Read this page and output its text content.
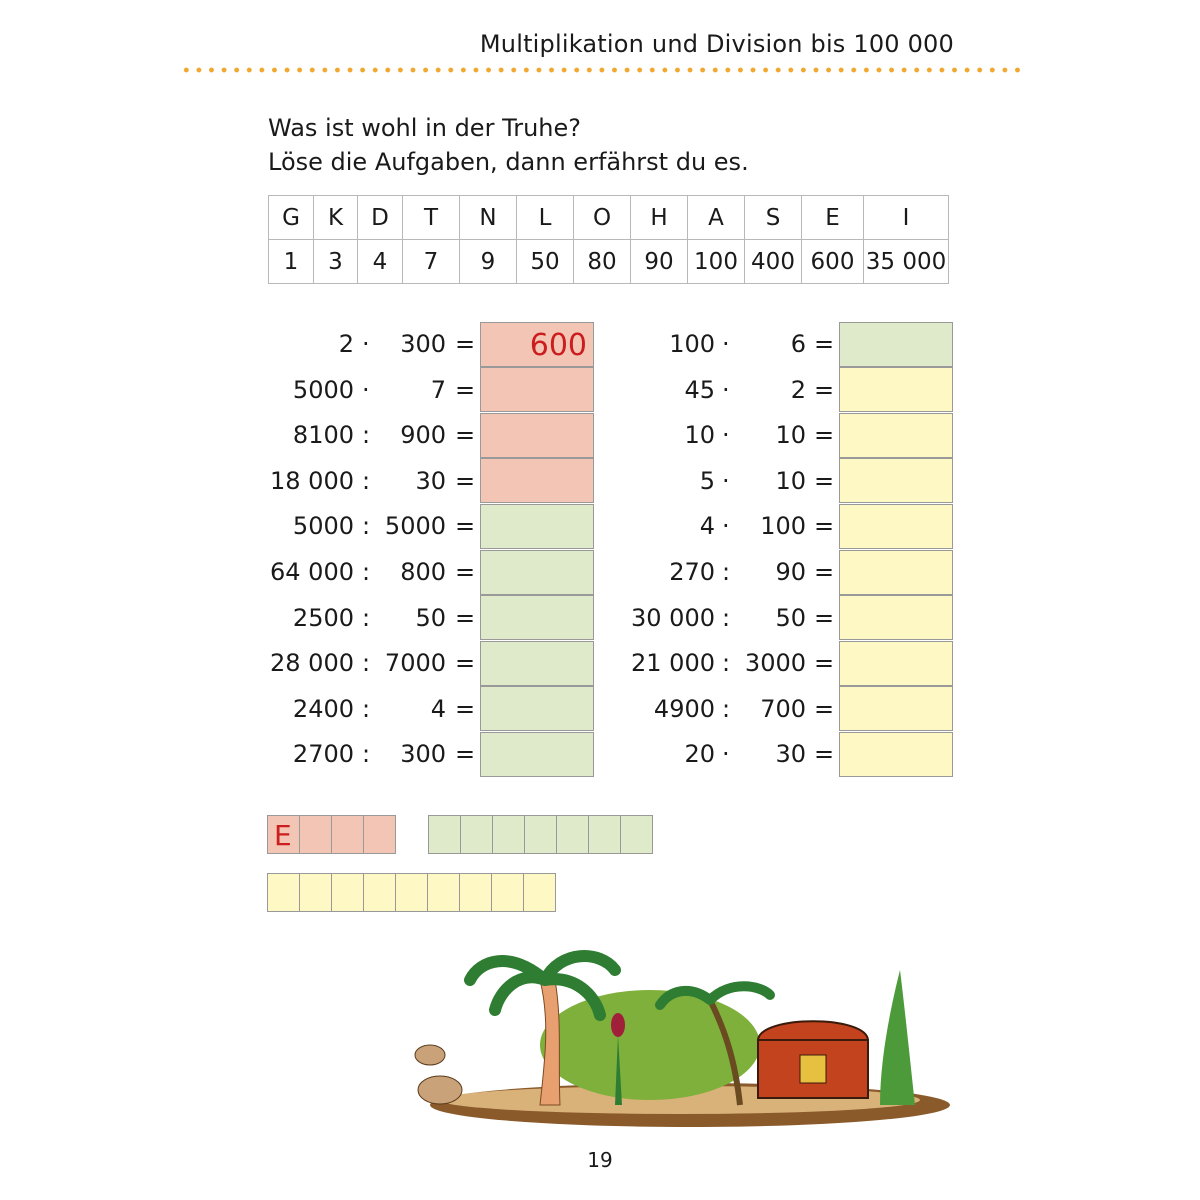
Multiplikation und Division bis 100 000
Was ist wohl in der Truhe?
Löse die Aufgaben, dann erfährst du es.
G	K	D	T	N	L	O	H	A	S	E	I
1	3	4	7	9	50	80	90	100	400	600	35 000
2 · 300 =	600
5000 ·	7 =
8100 : 900 =
18 000 : 30 =
5000 : 5000 =
64 000 : 800 =
2500 : 50 =
28 000 : 7000 =
2400 :	4 =
2700 : 300 =
100 ·	6 =
45 ·	2 =
10 · 10 =
5 · 10 =
4 · 100 =
270 : 90 =
30 000 : 50 =
21 000 : 3000 =
4900 : 700 =
20 · 30 =
E
19
